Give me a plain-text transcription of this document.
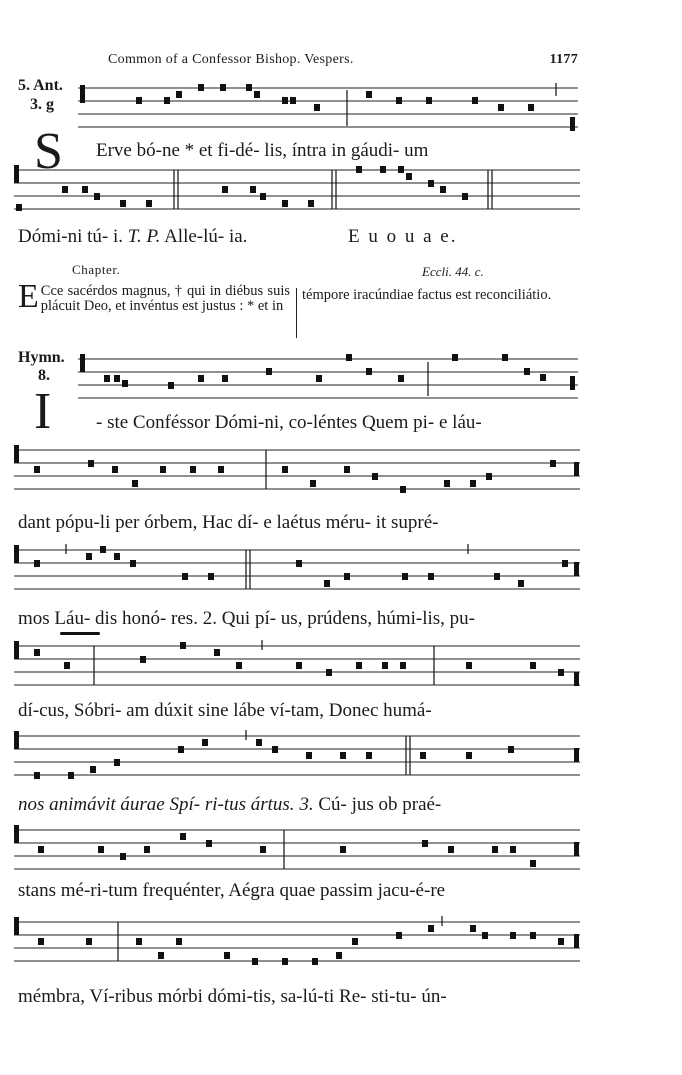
Common of a Confessor Bishop. Vespers.	1177
5. Ant.
3. g
S Erve bó-ne * et fi-dé- lis, íntra in gáudi- um
Dómi-ni tú- i. T. P. Alle-lú- ia.	E u o u a e.
Chapter.	Eccli. 44. c.
E Cce sacérdos magnus, † qui in diébus suis plácuit Deo, et invéntus est justus : * et in
témpore iracúndiae factus est reconciliátio.
Hymn.
8.
I - ste Conféssor Dómi-ni, co-léntes Quem pi- e láu-
dant pópu-li per órbem, Hac dí- e laétus méru- it supré-
mos Láu- dis honó- res. 2. Qui pí- us, prúdens, húmi-lis, pu-
dí-cus, Sóbri- am dúxit sine lábe ví-tam, Donec humá-
nos animávit áurae Spí- ri-tus ártus. 3. Cú- jus ob praé-
stans mé-ri-tum frequénter, Aégra quae passim jacu-é-re
mémbra, Ví-ribus mórbi dómi-tis, sa-lú-ti Re- sti-tu- ún-
